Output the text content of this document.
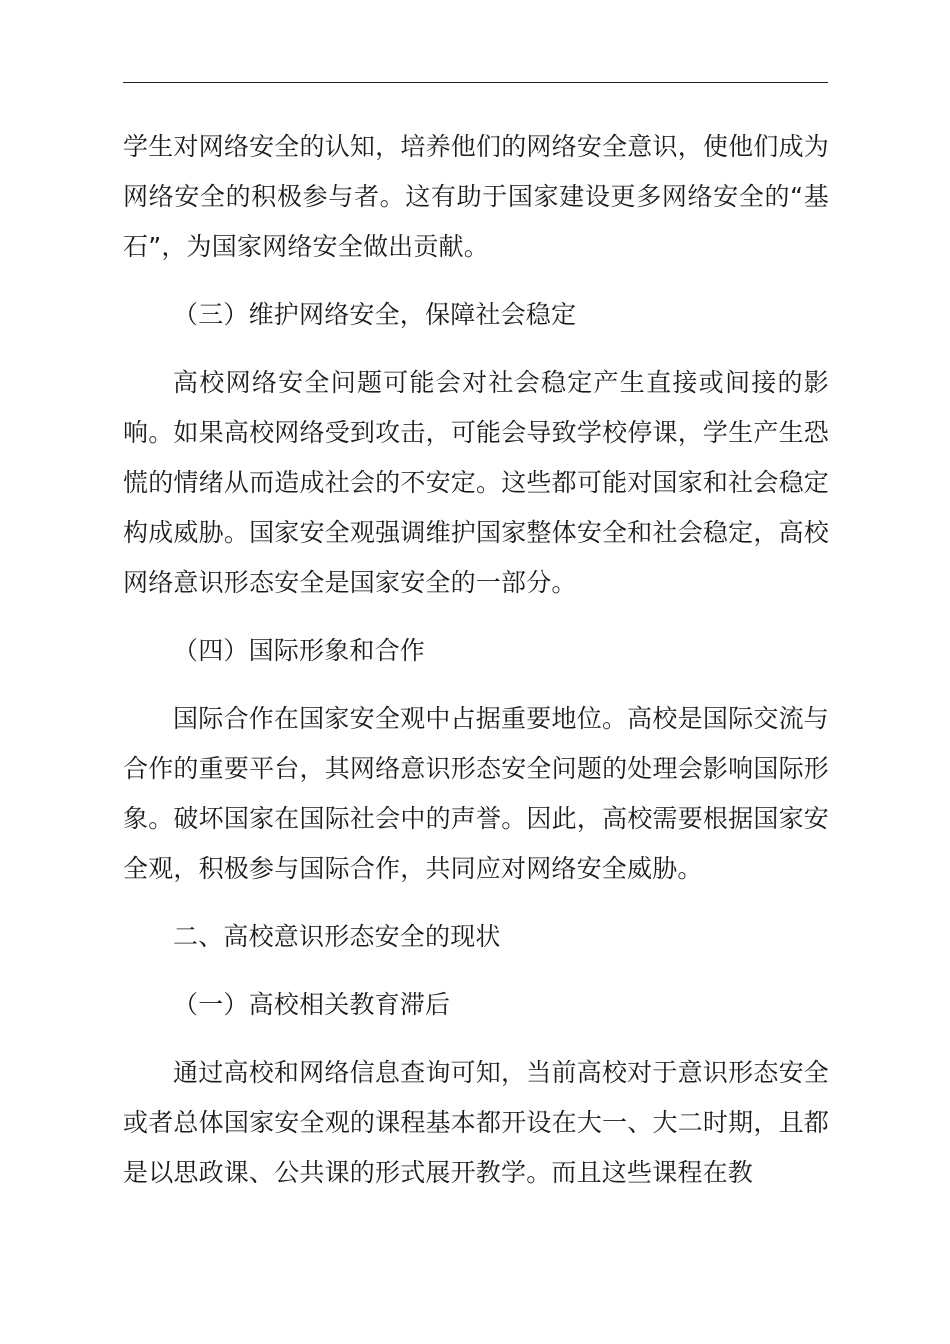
学生对网络安全的认知，培养他们的网络安全意识，使他们成为网络安全的积极参与者。这有助于国家建设更多网络安全的“基石”，为国家网络安全做出贡献。

（三）维护网络安全，保障社会稳定

高校网络安全问题可能会对社会稳定产生直接或间接的影响。如果高校网络受到攻击，可能会导致学校停课，学生产生恐慌的情绪从而造成社会的不安定。这些都可能对国家和社会稳定构成威胁。国家安全观强调维护国家整体安全和社会稳定，高校网络意识形态安全是国家安全的一部分。

（四）国际形象和合作

国际合作在国家安全观中占据重要地位。高校是国际交流与合作的重要平台，其网络意识形态安全问题的处理会影响国际形象。破坏国家在国际社会中的声誉。因此，高校需要根据国家安全观，积极参与国际合作，共同应对网络安全威胁。

二、高校意识形态安全的现状

（一）高校相关教育滞后

通过高校和网络信息查询可知，当前高校对于意识形态安全或者总体国家安全观的课程基本都开设在大一、大二时期，且都是以思政课、公共课的形式展开教学。而且这些课程在教
